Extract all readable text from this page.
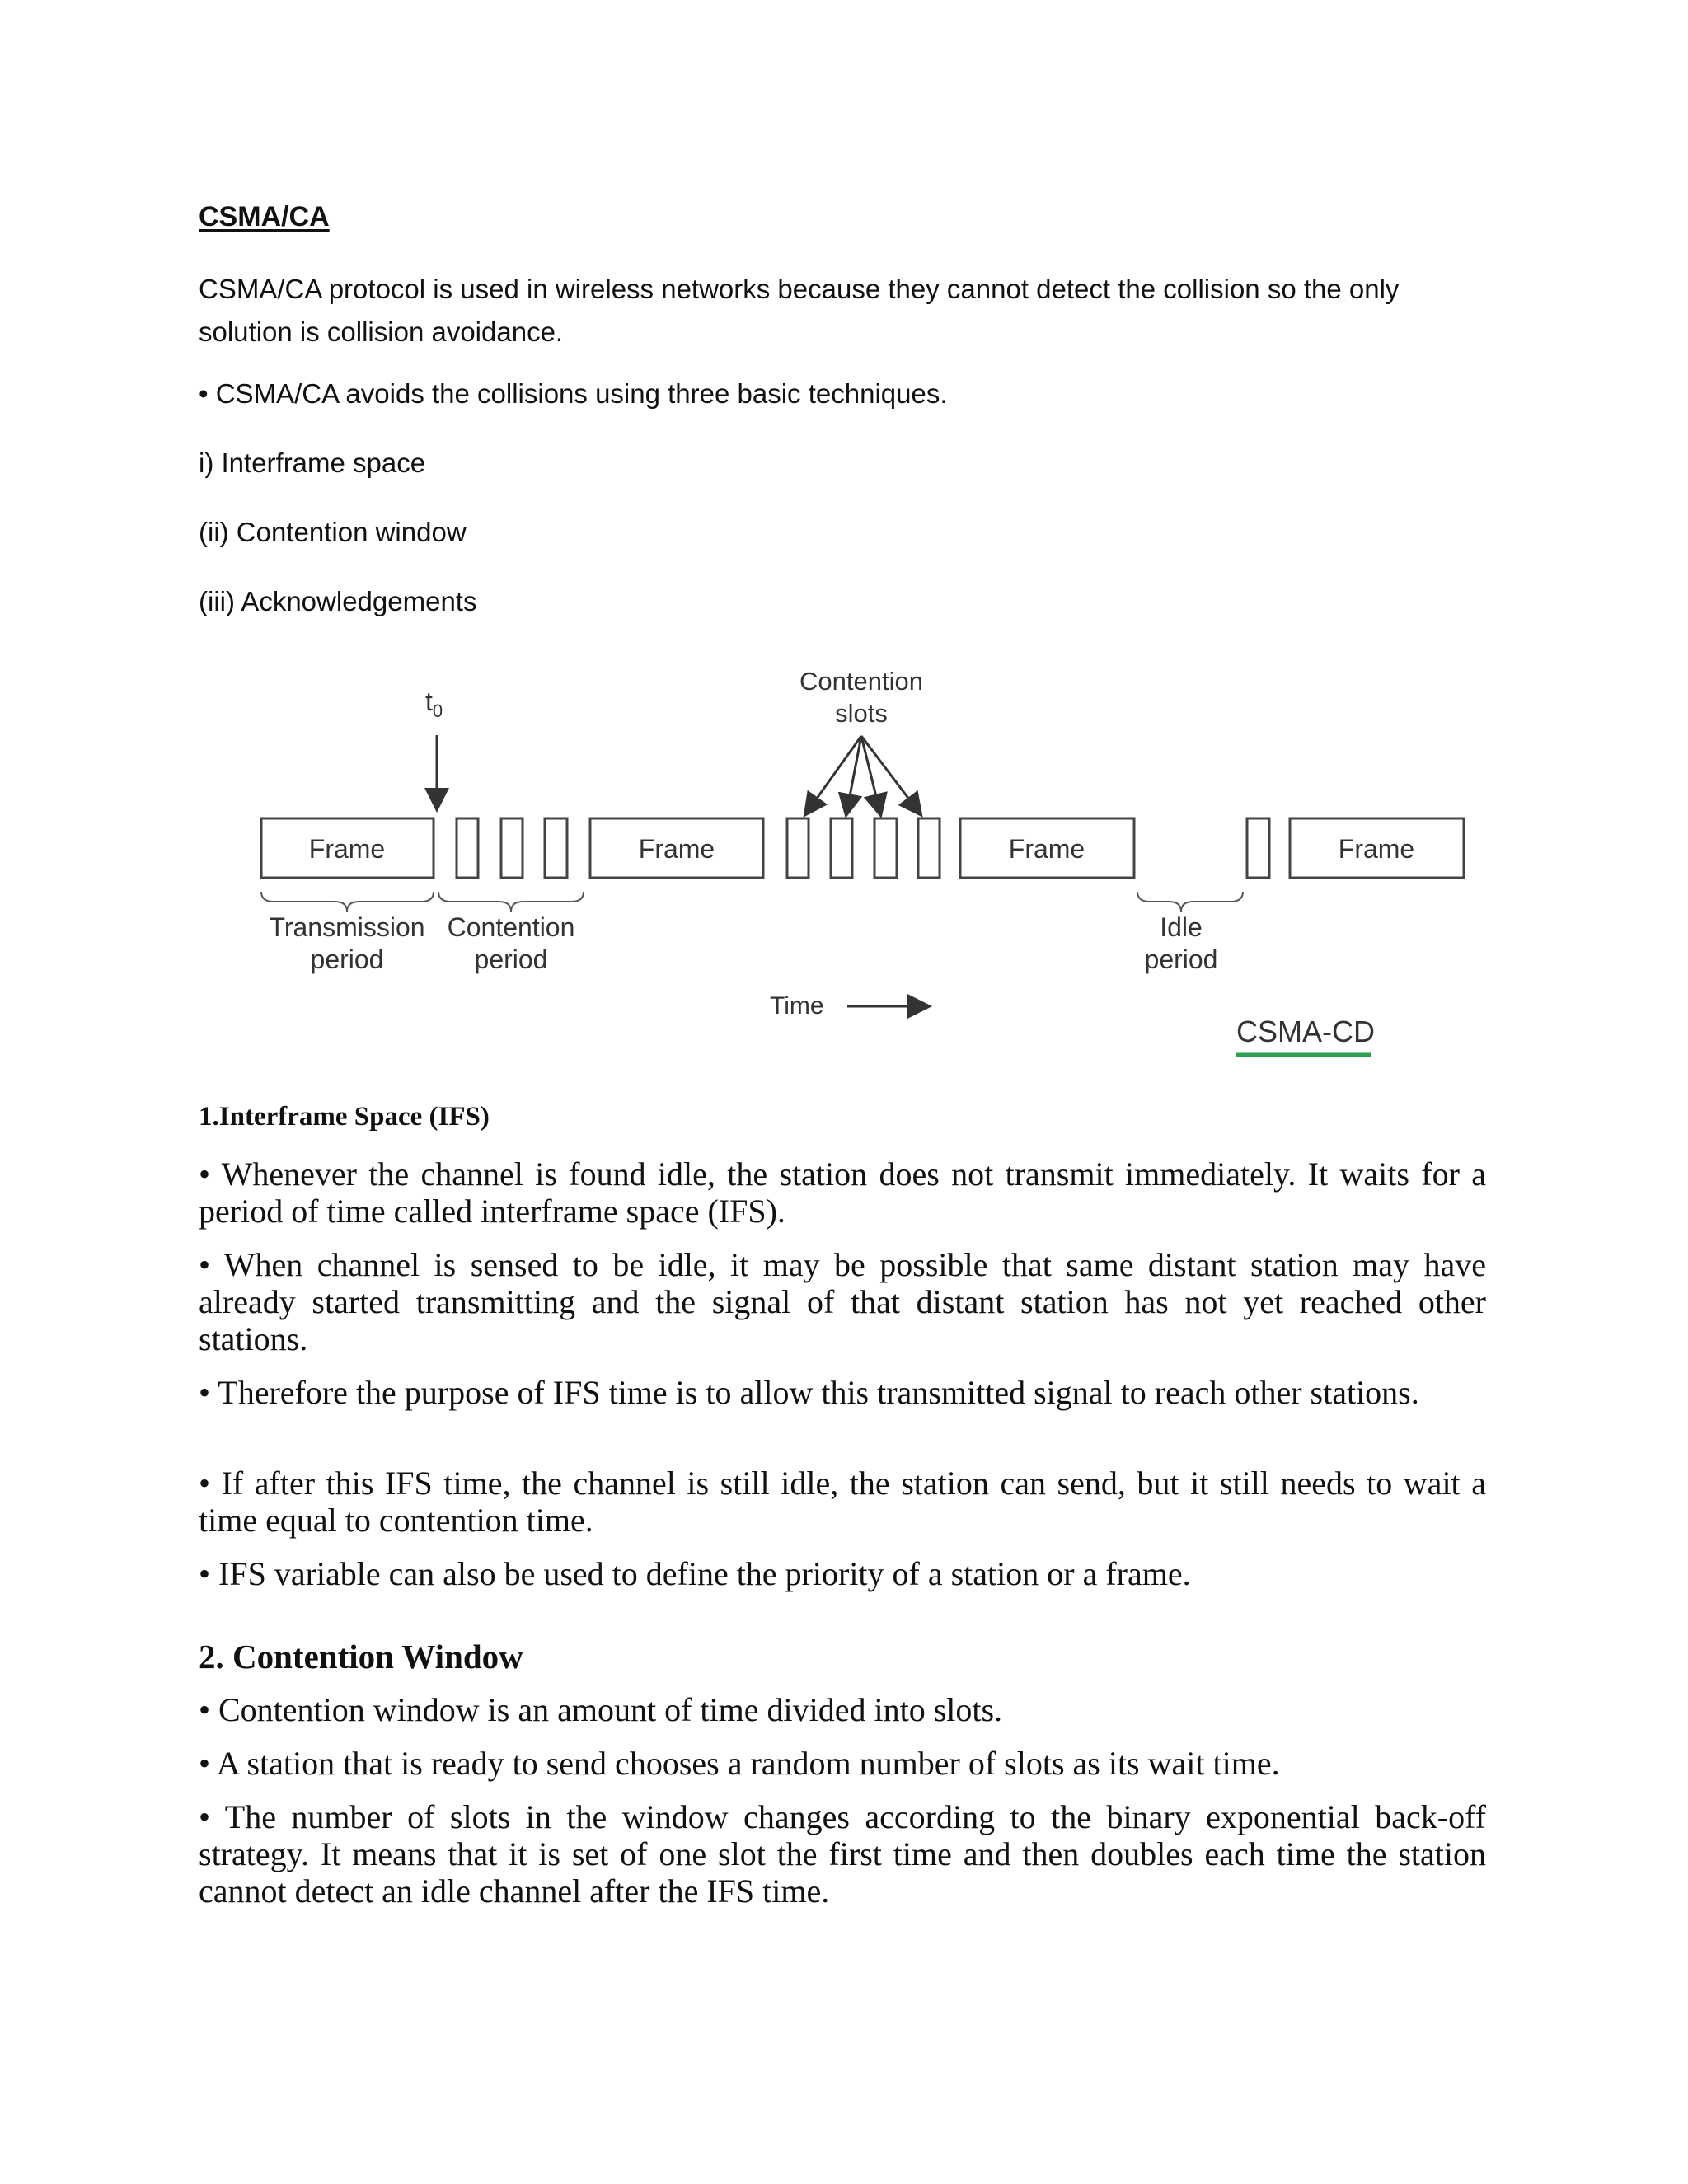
CSMA/CA
CSMA/CA protocol is used in wireless networks because they cannot detect the collision so the only solution is collision avoidance.
• CSMA/CA avoids the collisions using three basic techniques.
i) Interframe space
(ii) Contention window
(iii) Acknowledgements
$t_0$
Contention
slots
Frame	Frame	Frame	Frame
Transmission
period
Contention
period
Idle
period
Time
CSMA-CD
1.Interframe Space (IFS)

• Whenever the channel is found idle, the station does not transmit immediately. It waits for a period of time called interframe space (IFS).

• When channel is sensed to be idle, it may be possible that same distant station may have already started transmitting and the signal of that distant station has not yet reached other stations.

• Therefore the purpose of IFS time is to allow this transmitted signal to reach other stations.

• If after this IFS time, the channel is still idle, the station can send, but it still needs to wait a time equal to contention time.

• IFS variable can also be used to define the priority of a station or a frame.

2. Contention Window

• Contention window is an amount of time divided into slots.

• A station that is ready to send chooses a random number of slots as its wait time.

• The number of slots in the window changes according to the binary exponential back-off strategy. It means that it is set of one slot the first time and then doubles each time the station cannot detect an idle channel after the IFS time.
